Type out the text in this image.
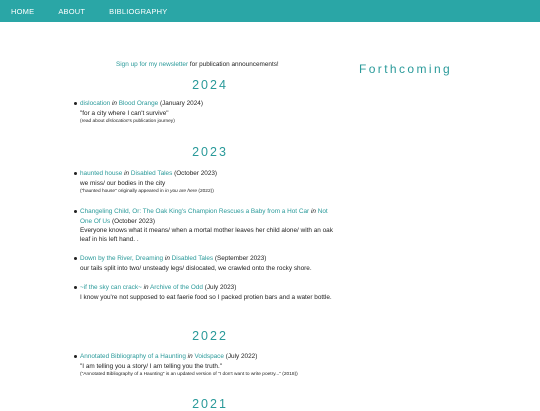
HOME	ABOUT	BIBLIOGRAPHY
Sign up for my newsletter for publication announcements!	Forthcoming
2024
dislocation in Blood Orange (January 2024)
"for a city where I can't survive"
(read about dislocation's publication journey)
2023
haunted house in Disabled Tales (October 2023)
we miss/ our bodies in the city
("haunted house" originally appeared in in you are here (2022))
Changeling Child, Or: The Oak King's Champion Rescues a Baby from a Hot Car in Not One Of Us (October 2023)
Everyone knows what it means/ when a mortal mother leaves her child alone/ with an oak leaf in his left hand. .
Down by the River, Dreaming in Disabled Tales (September 2023)
our tails split into two/ unsteady legs/ dislocated, we crawled onto the rocky shore.
~if the sky can crack~ in Archive of the Odd (July 2023)
I know you're not supposed to eat faerie food so I packed protien bars and a water bottle.
2022
Annotated Bibliography of a Haunting in Voidspace (July 2022)
"I am telling you a story/ I am telling you the truth."
("Annotated Bibliography of a Haunting" is an updated version of "I don't want to write poetry..." (2018))
2021
